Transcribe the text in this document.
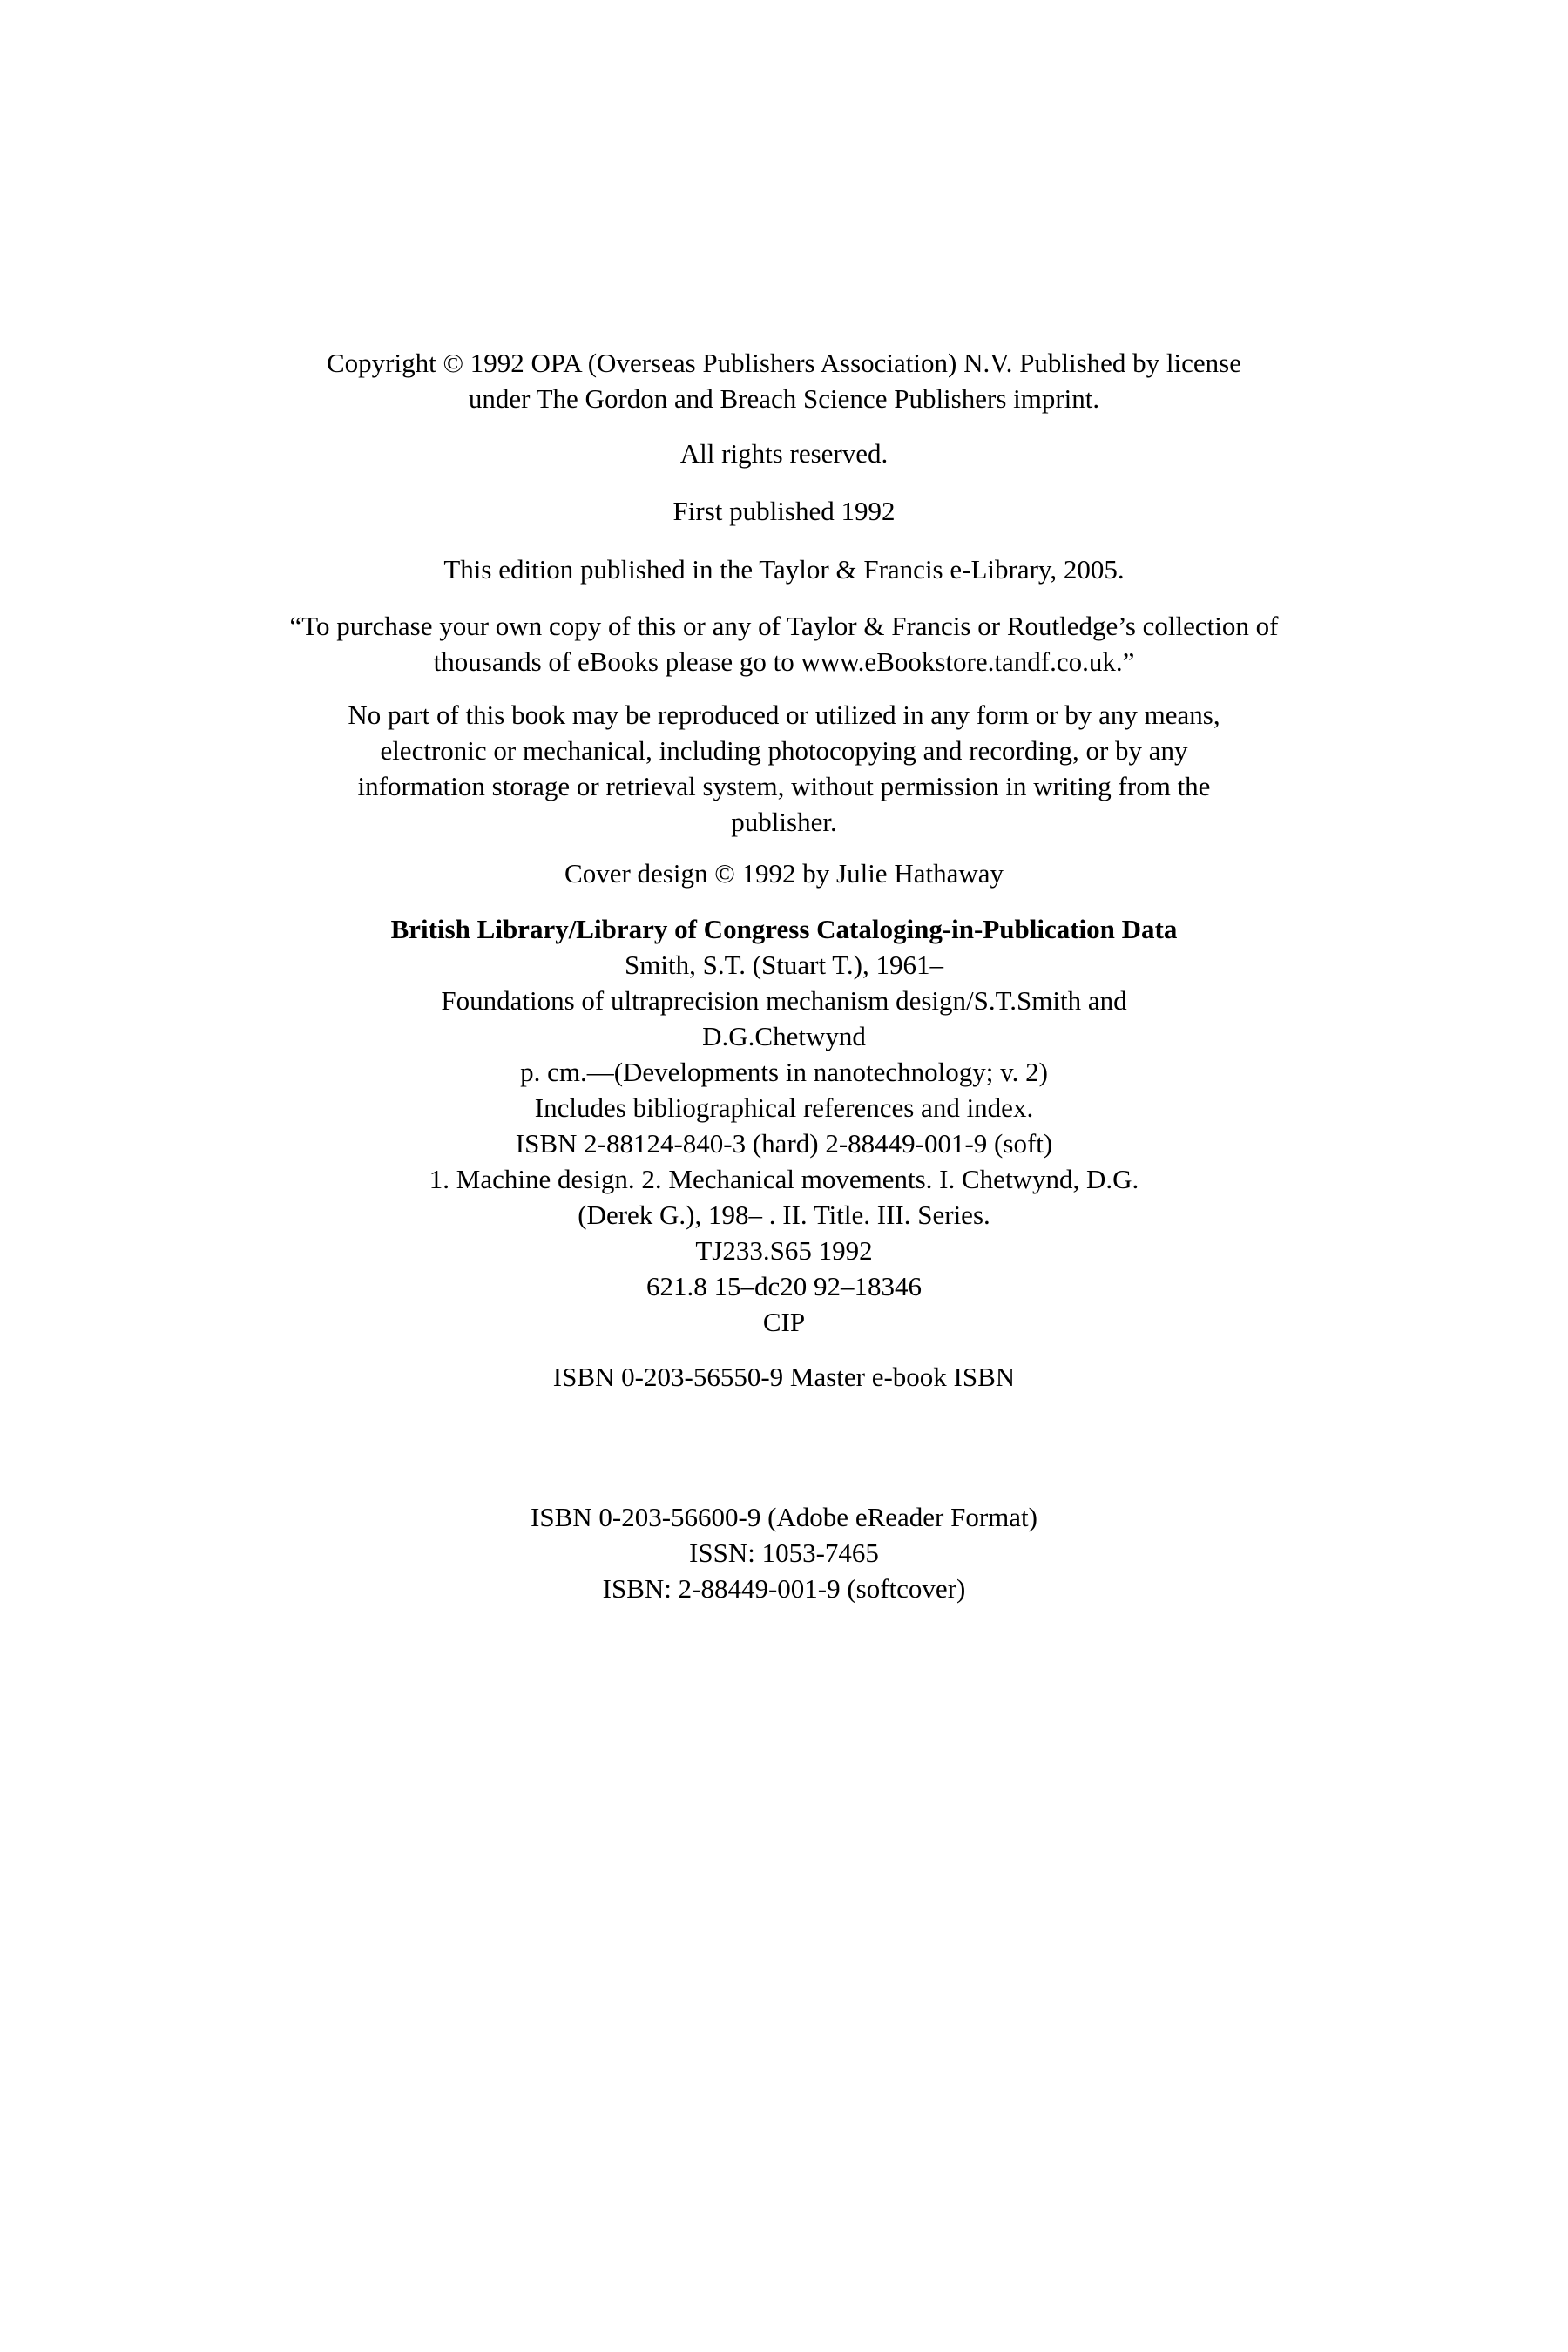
Copyright © 1992 OPA (Overseas Publishers Association) N.V. Published by license

under The Gordon and Breach Science Publishers imprint.

All rights reserved.

First published 1992

This edition published in the Taylor & Francis e-Library, 2005.

“To purchase your own copy of this or any of Taylor & Francis or Routledge’s collection of

thousands of eBooks please go to www.eBookstore.tandf.co.uk.”

No part of this book may be reproduced or utilized in any form or by any means,

electronic or mechanical, including photocopying and recording, or by any

information storage or retrieval system, without permission in writing from the

publisher.

Cover design © 1992 by Julie Hathaway

British Library/Library of Congress Cataloging-in-Publication Data

Smith, S.T. (Stuart T.), 1961–

Foundations of ultraprecision mechanism design/S.T.Smith and

D.G.Chetwynd

p. cm.—(Developments in nanotechnology; v. 2)

Includes bibliographical references and index.

ISBN 2-88124-840-3 (hard) 2-88449-001-9 (soft)

1. Machine design. 2. Mechanical movements. I. Chetwynd, D.G.

(Derek G.), 198– . II. Title. III. Series.

TJ233.S65 1992

621.8 15–dc20 92–18346

CIP

ISBN 0-203-56550-9 Master e-book ISBN

ISBN 0-203-56600-9 (Adobe eReader Format)

ISSN: 1053-7465

ISBN: 2-88449-001-9 (softcover)
